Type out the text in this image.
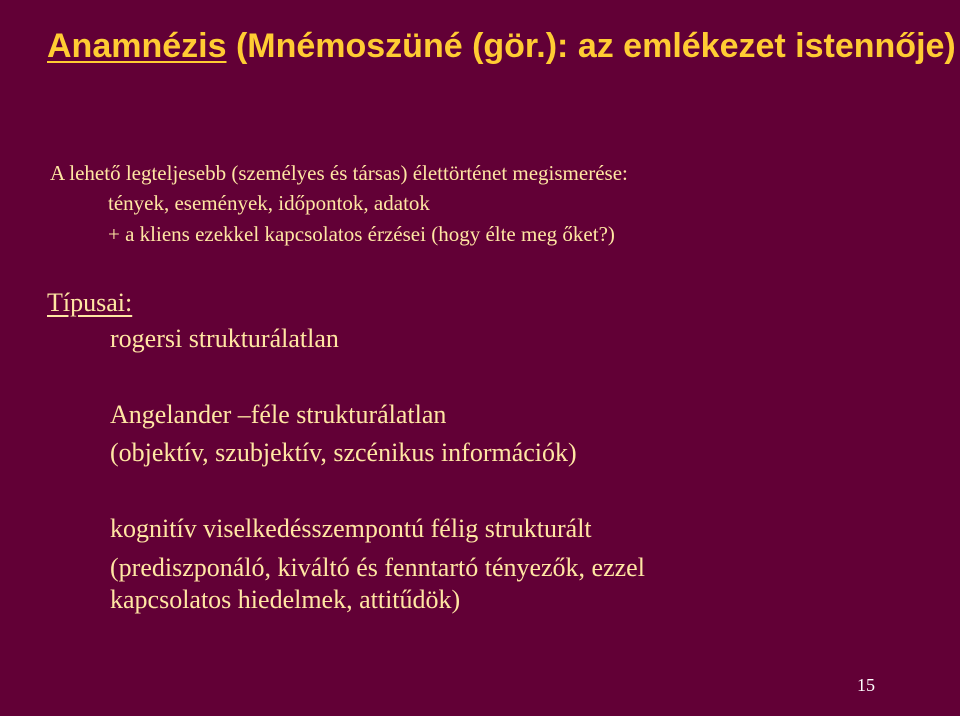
Anamnézis (Mnémoszüné (gör.): az emlékezet istennője)

A lehető legteljesebb (személyes és társas) élettörténet megismerése:

tények, események, időpontok, adatok

+ a kliens ezekkel kapcsolatos érzései (hogy élte meg őket?)

Típusai:

rogersi strukturálatlan

Angelander –féle strukturálatlan

(objektív, szubjektív, szcénikus információk)

kognitív viselkedésszempontú félig strukturált

(prediszponáló, kiváltó és fenntartó tényezők, ezzel

kapcsolatos hiedelmek, attitűdök)

15
